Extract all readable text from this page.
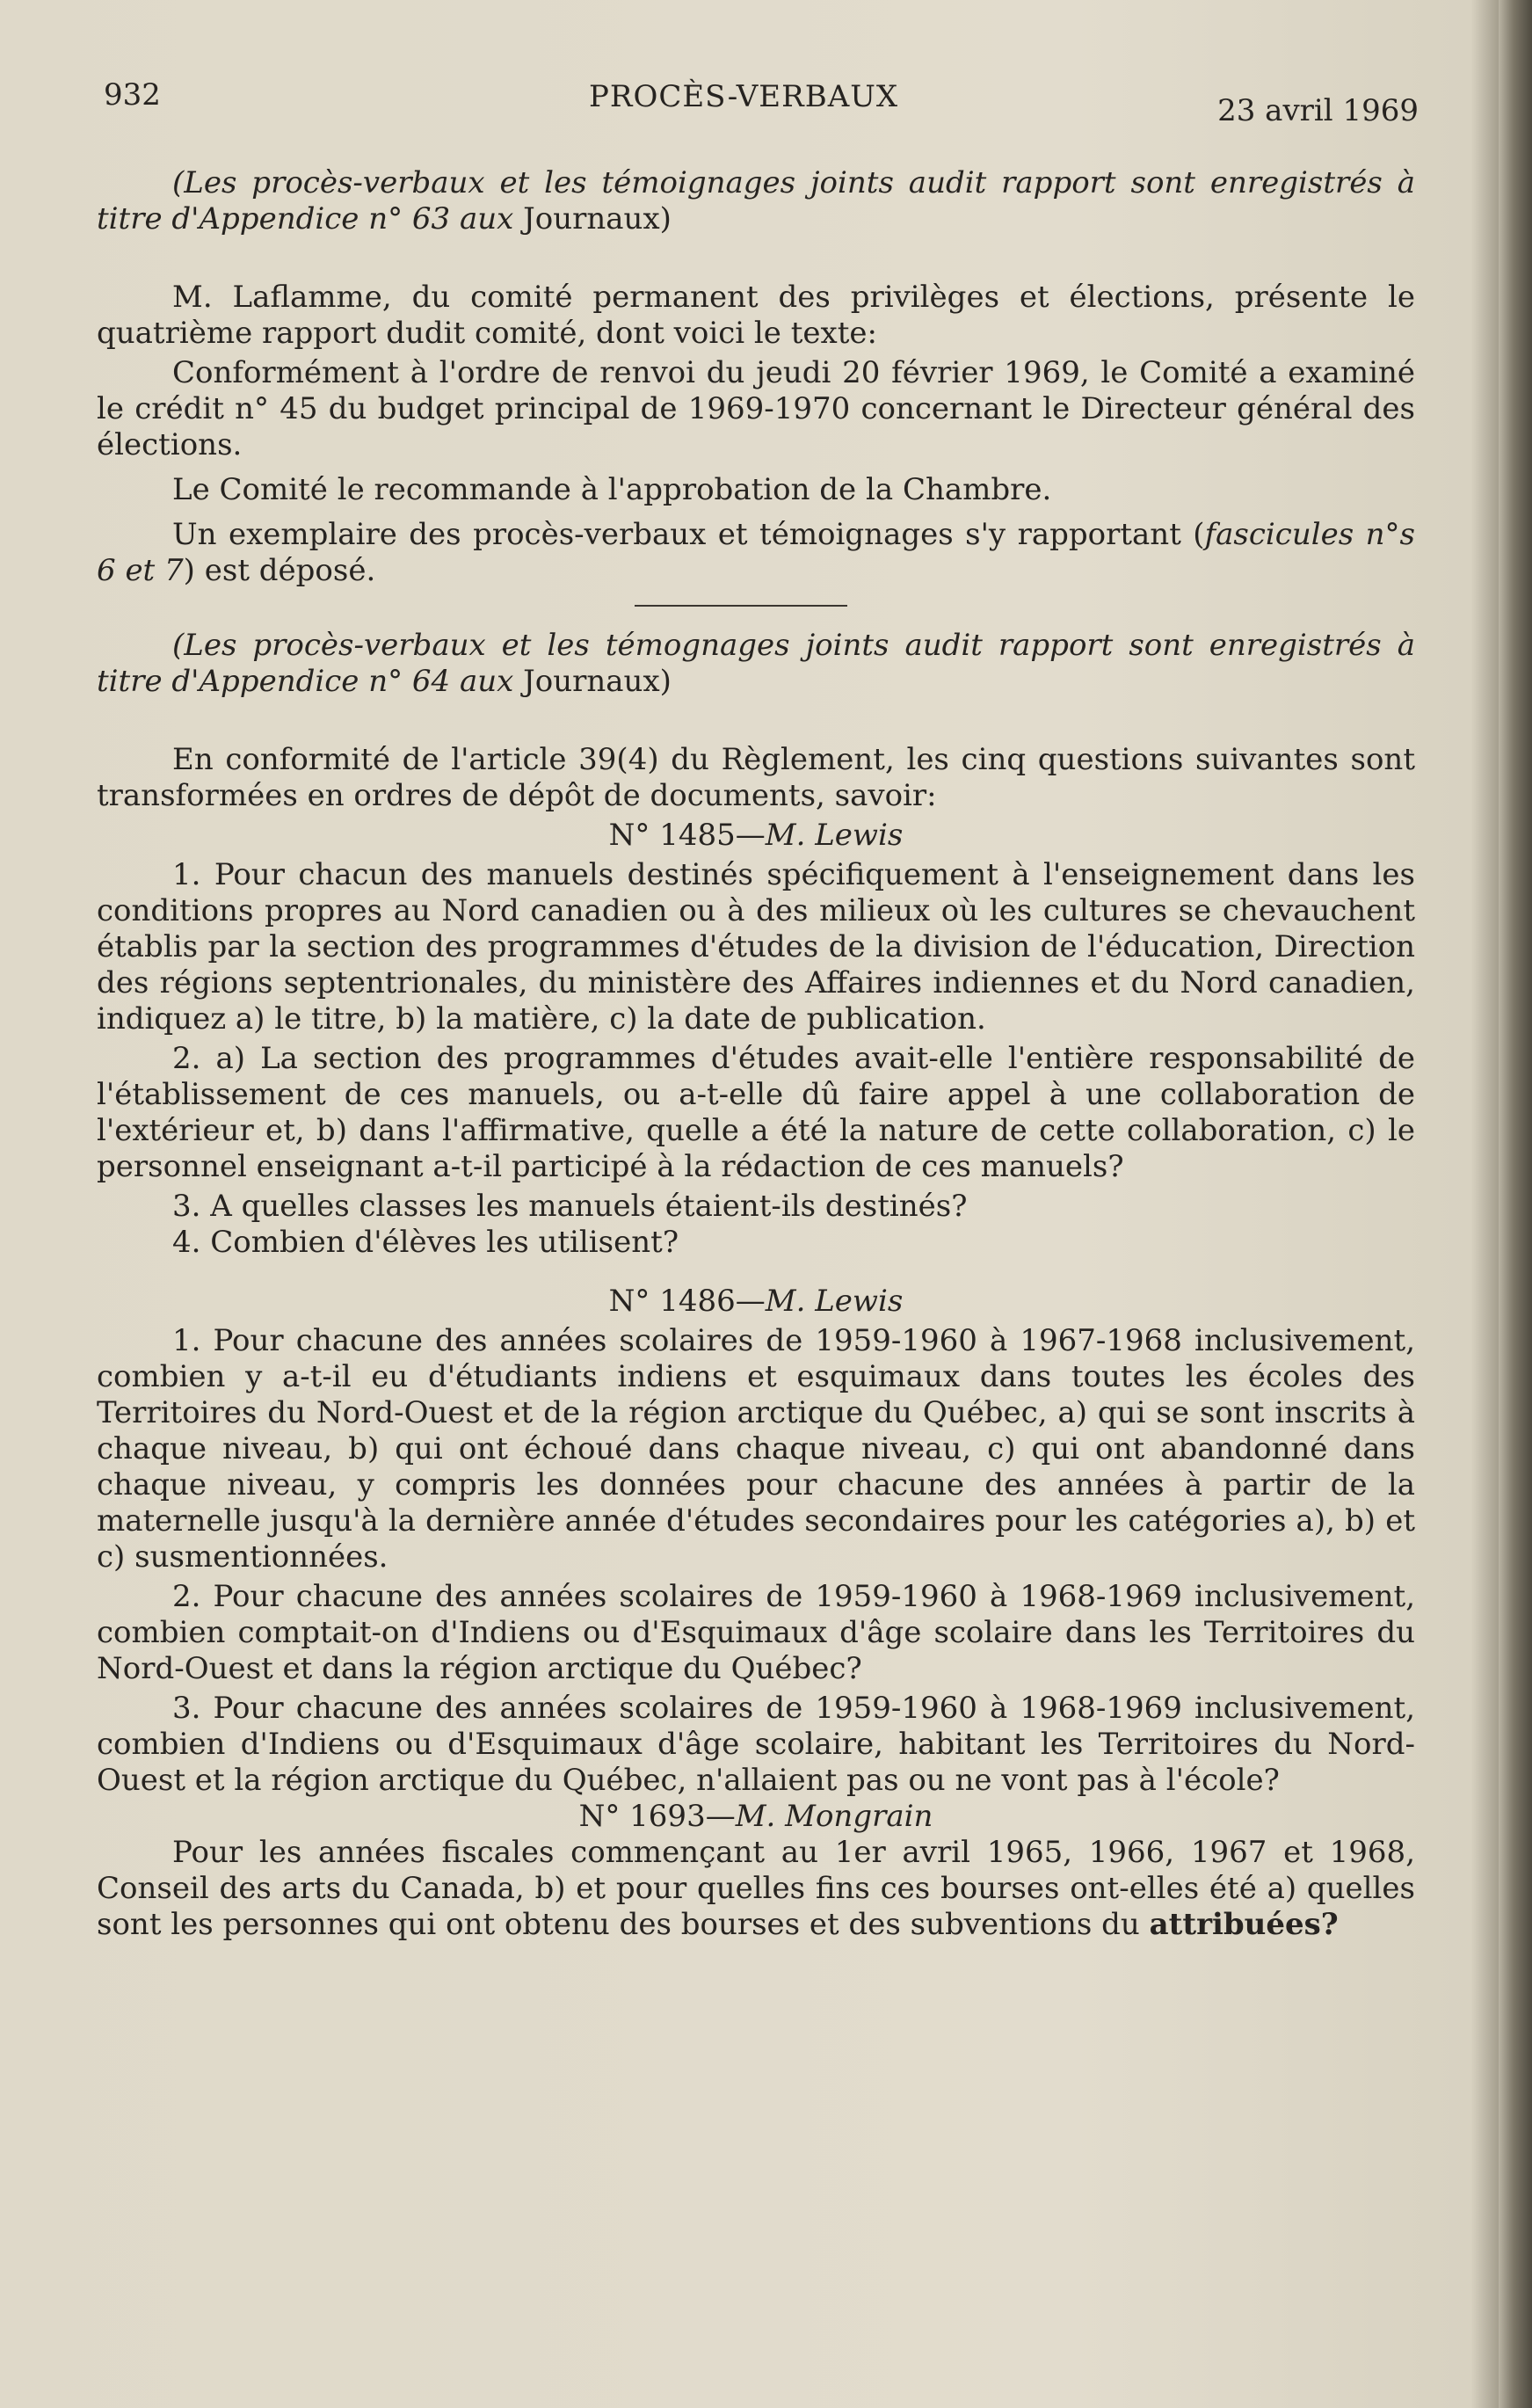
932	PROCÈS-VERBAUX	23 avril 1969

(Les procès-verbaux et les témoignages joints audit rapport sont enregistrés à titre d'Appendice n° 63 aux Journaux)

M. Laflamme, du comité permanent des privilèges et élections, présente le quatrième rapport dudit comité, dont voici le texte:

Conformément à l'ordre de renvoi du jeudi 20 février 1969, le Comité a examiné le crédit n° 45 du budget principal de 1969-1970 concernant le Directeur général des élections.

Le Comité le recommande à l'approbation de la Chambre.

Un exemplaire des procès-verbaux et témoignages s'y rapportant (fascicules n°s 6 et 7) est déposé.

(Les procès-verbaux et les témognages joints audit rapport sont enregistrés à titre d'Appendice n° 64 aux Journaux)

En conformité de l'article 39(4) du Règlement, les cinq questions suivantes sont transformées en ordres de dépôt de documents, savoir:

N° 1485—M. Lewis

1. Pour chacun des manuels destinés spécifiquement à l'enseignement dans les conditions propres au Nord canadien ou à des milieux où les cultures se chevauchent établis par la section des programmes d'études de la division de l'éducation, Direction des régions septentrionales, du ministère des Affaires indiennes et du Nord canadien, indiquez a) le titre, b) la matière, c) la date de publication.

2. a) La section des programmes d'études avait-elle l'entière responsabilité de l'établissement de ces manuels, ou a-t-elle dû faire appel à une collaboration de l'extérieur et, b) dans l'affirmative, quelle a été la nature de cette collaboration, c) le personnel enseignant a-t-il participé à la rédaction de ces manuels?

3. A quelles classes les manuels étaient-ils destinés?

4. Combien d'élèves les utilisent?

N° 1486—M. Lewis

1. Pour chacune des années scolaires de 1959-1960 à 1967-1968 inclusivement, combien y a-t-il eu d'étudiants indiens et esquimaux dans toutes les écoles des Territoires du Nord-Ouest et de la région arctique du Québec, a) qui se sont inscrits à chaque niveau, b) qui ont échoué dans chaque niveau, c) qui ont abandonné dans chaque niveau, y compris les données pour chacune des années à partir de la maternelle jusqu'à la dernière année d'études secondaires pour les catégories a), b) et c) susmentionnées.

2. Pour chacune des années scolaires de 1959-1960 à 1968-1969 inclusivement, combien comptait-on d'Indiens ou d'Esquimaux d'âge scolaire dans les Territoires du Nord-Ouest et dans la région arctique du Québec?

3. Pour chacune des années scolaires de 1959-1960 à 1968-1969 inclusivement, combien d'Indiens ou d'Esquimaux d'âge scolaire, habitant les Territoires du Nord-Ouest et la région arctique du Québec, n'allaient pas ou ne vont pas à l'école?

N° 1693—M. Mongrain

Pour les années fiscales commençant au 1er avril 1965, 1966, 1967 et 1968, Conseil des arts du Canada, b) et pour quelles fins ces bourses ont-elles été a) quelles sont les personnes qui ont obtenu des bourses et des subventions du attribuées?
